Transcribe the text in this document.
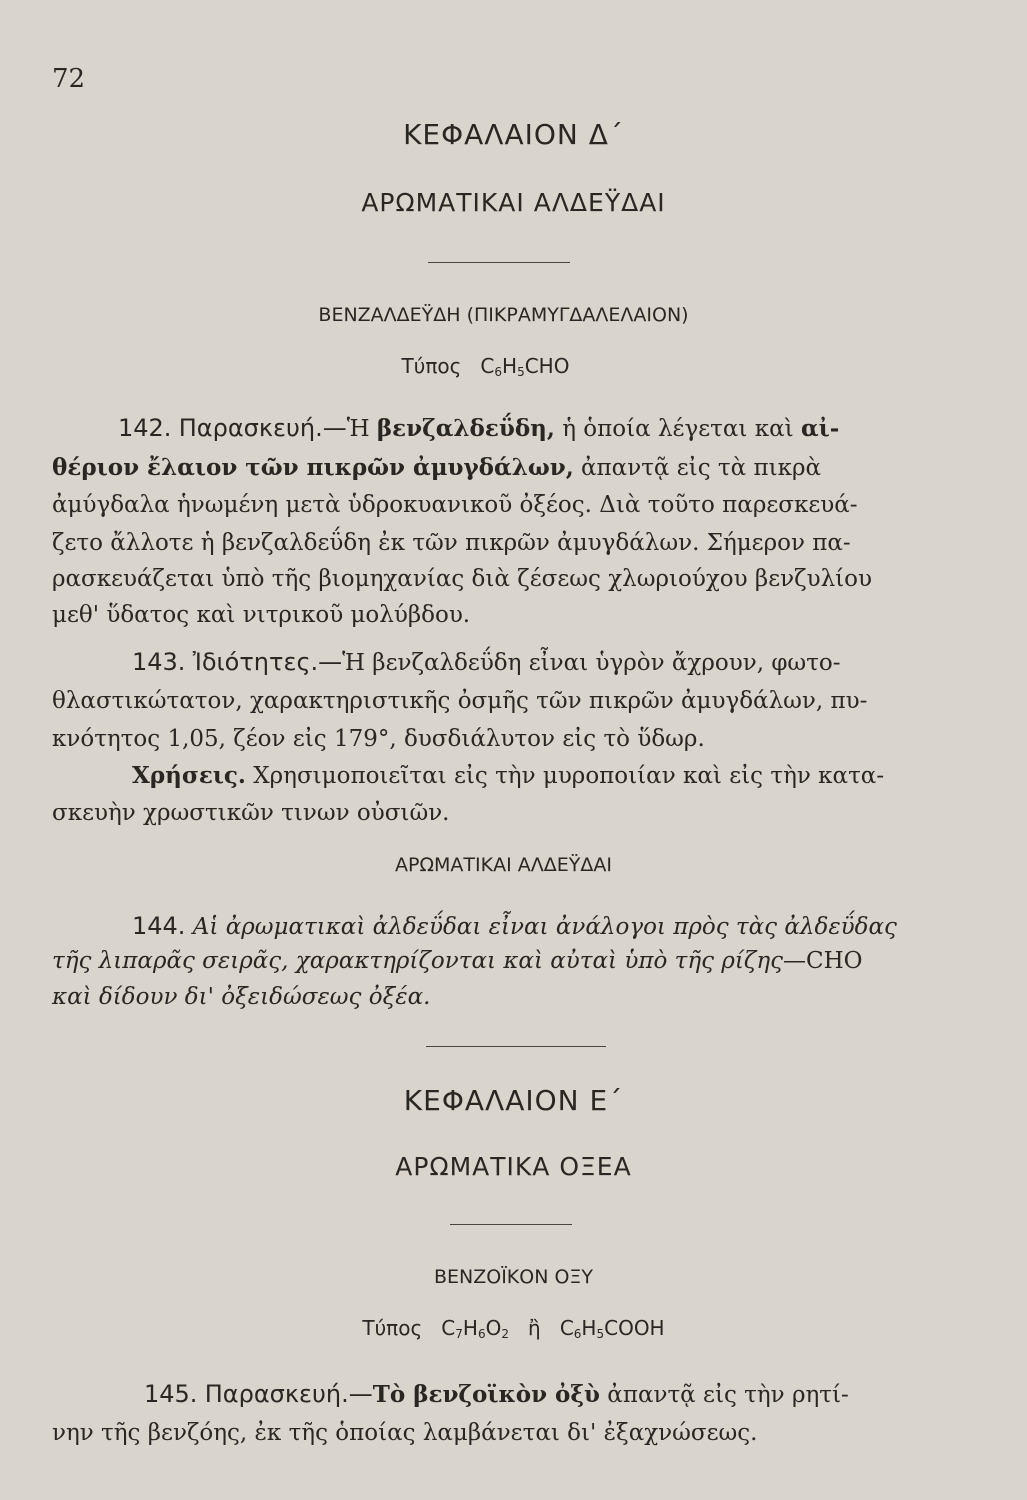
72
ΚΕΦΑΛΑΙΟΝ Δ΄
ΑΡΩΜΑΤΙΚΑΙ ΑΛΔΕΫΔΑΙ
ΒΕΝΖΑΛΔΕΫΔΗ (ΠΙΚΡΑΜΥΓΔΑΛΕΛΑΙΟΝ)
Τύπος $C_6H_5CHO$
142. Παρασκευή.—Ἡ βενζαλδεΰδη, ἡ ὁποία λέγεται καὶ αἰ-
θέριον ἔλαιον τῶν πικρῶν ἀμυγδάλων, ἀπαντᾷ εἰς τὰ πικρὰ
ἀμύγδαλα ἡνωμένη μετὰ ὑδροκυανικοῦ ὀξέος. Διὰ τοῦτο παρεσκευά-
ζετο ἄλλοτε ἡ βενζαλδεΰδη ἐκ τῶν πικρῶν ἀμυγδάλων. Σήμερον πα-
ρασκευάζεται ὑπὸ τῆς βιομηχανίας διὰ ζέσεως χλωριούχου βενζυλίου
μεθ' ὕδατος καὶ νιτρικοῦ μολύβδου.
143. Ἰδιότητες.—Ἡ βενζαλδεΰδη εἶναι ὑγρὸν ἄχρουν, φωτο-
θλαστικώτατον, χαρακτηριστικῆς ὀσμῆς τῶν πικρῶν ἀμυγδάλων, πυ-
κνότητος 1,05, ζέον εἰς 179°, δυσδιάλυτον εἰς τὸ ὕδωρ.
Χρήσεις. Χρησιμοποιεῖται εἰς τὴν μυροποιίαν καὶ εἰς τὴν κατα-
σκευὴν χρωστικῶν τινων οὐσιῶν.
ΑΡΩΜΑΤΙΚΑΙ ΑΛΔΕΫΔΑΙ
144. Αἱ ἀρωματικαὶ ἀλδεΰδαι εἶναι ἀνάλογοι πρὸς τὰς ἀλδεΰδας
τῆς λιπαρᾶς σειρᾶς, χαρακτηρίζονται καὶ αὐταὶ ὑπὸ τῆς ρίζης—CHO
καὶ δίδουν δι' ὀξειδώσεως ὀξέα.
ΚΕΦΑΛΑΙΟΝ Ε΄
ΑΡΩΜΑΤΙΚΑ ΟΞΕΑ
ΒΕΝΖΟΪΚΟΝ ΟΞΥ
Τύπος $C_7H_6O_2$ ἢ $C_6H_5COOH$
145. Παρασκευή.—Τὸ βενζοϊκὸν ὀξὺ ἀπαντᾷ εἰς τὴν ρητί-
νην τῆς βενζόης, ἐκ τῆς ὁποίας λαμβάνεται δι' ἐξαχνώσεως.
